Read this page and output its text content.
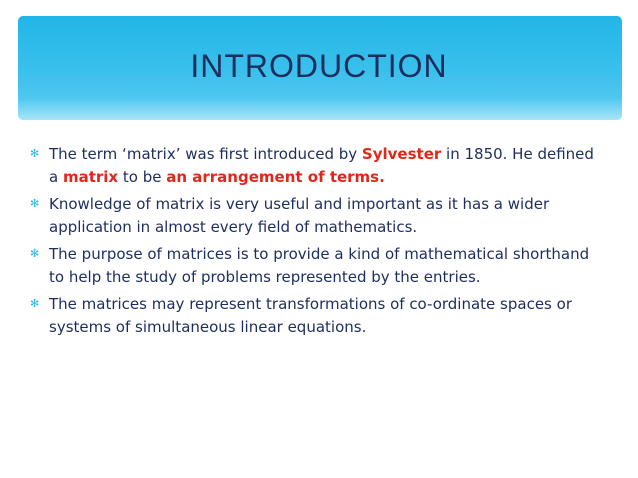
INTRODUCTION
✻ The term ‘matrix’ was first introduced by Sylvester in 1850. He defined a matrix to be an arrangement of terms.
✻ Knowledge of matrix is very useful and important as it has a wider application in almost every field of mathematics.
✻ The purpose of matrices is to provide a kind of mathematical shorthand to help the study of problems represented by the entries.
✻ The matrices may represent transformations of co-ordinate spaces or systems of simultaneous linear equations.
